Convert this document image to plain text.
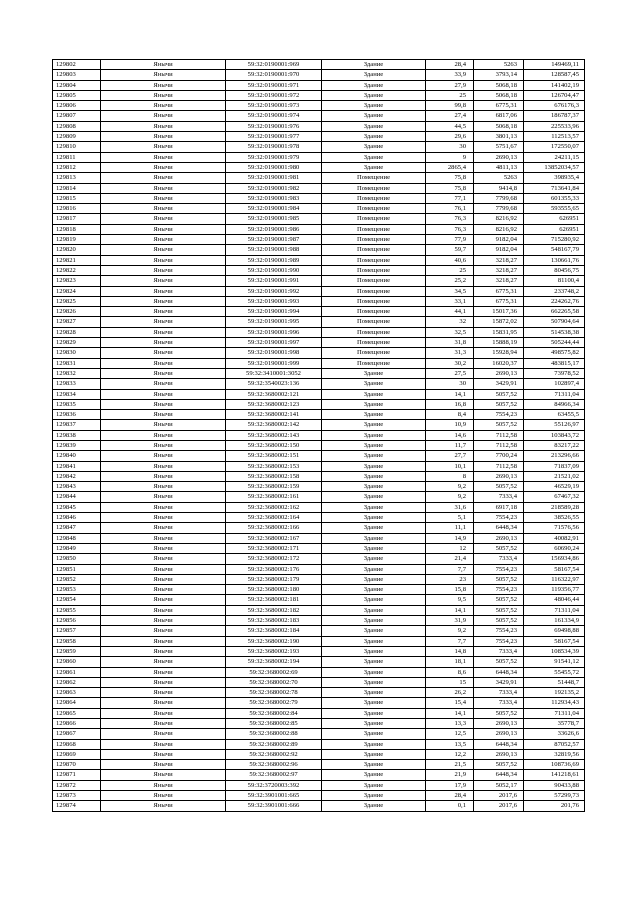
129802	Янычи	59:32:0190001:969	Здание	28,4	5263	149469,11
129803	Янычи	59:32:0190001:970	Здание	33,9	3793,14	128587,45
129804	Янычи	59:32:0190001:971	Здание	27,9	5068,18	141402,19
129805	Янычи	59:32:0190001:972	Здание	25	5068,18	126704,47
129806	Янычи	59:32:0190001:973	Здание	99,8	6775,31	676176,3
129807	Янычи	59:32:0190001:974	Здание	27,4	6817,06	186787,37
129808	Янычи	59:32:0190001:976	Здание	44,5	5068,18	225533,96
129809	Янычи	59:32:0190001:977	Здание	29,6	3801,13	112513,57
129810	Янычи	59:32:0190001:978	Здание	30	5751,67	172550,07
129811	Янычи	59:32:0190001:979	Здание	9	2690,13	24211,15
129812	Янычи	59:32:0190001:980	Здание	2865,4	4811,13	13852034,57
129813	Янычи	59:32:0190001:981	Помещение	75,8	5263	398935,4
129814	Янычи	59:32:0190001:982	Помещение	75,8	9414,8	713641,84
129815	Янычи	59:32:0190001:983	Помещение	77,1	7799,68	601355,33
129816	Янычи	59:32:0190001:984	Помещение	76,1	7799,68	593555,65
129817	Янычи	59:32:0190001:985	Помещение	76,3	8216,92	626951
129818	Янычи	59:32:0190001:986	Помещение	76,3	8216,92	626951
129819	Янычи	59:32:0190001:987	Помещение	77,9	9182,04	715280,92
129820	Янычи	59:32:0190001:988	Помещение	59,7	9182,04	548167,79
129821	Янычи	59:32:0190001:989	Помещение	40,6	3218,27	130661,76
129822	Янычи	59:32:0190001:990	Помещение	25	3218,27	80456,75
129823	Янычи	59:32:0190001:991	Помещение	25,2	3218,27	81100,4
129824	Янычи	59:32:0190001:992	Помещение	34,5	6775,31	233748,2
129825	Янычи	59:32:0190001:993	Помещение	33,1	6775,31	224262,76
129826	Янычи	59:32:0190001:994	Помещение	44,1	15017,36	662265,58
129827	Янычи	59:32:0190001:995	Помещение	32	15872,02	507904,64
129828	Янычи	59:32:0190001:996	Помещение	32,5	15831,95	514538,38
129829	Янычи	59:32:0190001:997	Помещение	31,8	15888,19	505244,44
129830	Янычи	59:32:0190001:998	Помещение	31,3	15928,94	498575,82
129831	Янычи	59:32:0190001:999	Помещение	30,2	16020,37	483815,17
129832	Янычи	59:32:3410001:3052	Здание	27,5	2690,13	73978,52
129833	Янычи	59:32:3540023:136	Здание	30	3429,91	102897,4
129834	Янычи	59:32:3680002:121	Здание	14,1	5057,52	71311,04
129835	Янычи	59:32:3680002:123	Здание	16,8	5057,52	84966,34
129836	Янычи	59:32:3680002:141	Здание	8,4	7554,23	63455,5
129837	Янычи	59:32:3680002:142	Здание	10,9	5057,52	55126,97
129838	Янычи	59:32:3680002:143	Здание	14,6	7112,58	103843,72
129839	Янычи	59:32:3680002:150	Здание	11,7	7112,58	83217,22
129840	Янычи	59:32:3680002:151	Здание	27,7	7700,24	213296,66
129841	Янычи	59:32:3680002:153	Здание	10,1	7112,58	71837,09
129842	Янычи	59:32:3680002:158	Здание	8	2690,13	21521,02
129843	Янычи	59:32:3680002:159	Здание	9,2	5057,52	46529,19
129844	Янычи	59:32:3680002:161	Здание	9,2	7333,4	67467,32
129845	Янычи	59:32:3680002:162	Здание	31,6	6917,18	218589,28
129846	Янычи	59:32:3680002:164	Здание	5,1	7554,23	38526,55
129847	Янычи	59:32:3680002:166	Здание	11,1	6448,34	71576,56
129848	Янычи	59:32:3680002:167	Здание	14,9	2690,13	40082,91
129849	Янычи	59:32:3680002:171	Здание	12	5057,52	60690,24
129850	Янычи	59:32:3680002:172	Здание	21,4	7333,4	156934,86
129851	Янычи	59:32:3680002:176	Здание	7,7	7554,23	58167,54
129852	Янычи	59:32:3680002:179	Здание	23	5057,52	116322,97
129853	Янычи	59:32:3680002:180	Здание	15,8	7554,23	119356,77
129854	Янычи	59:32:3680002:181	Здание	9,5	5057,52	48046,44
129855	Янычи	59:32:3680002:182	Здание	14,1	5057,52	71311,04
129856	Янычи	59:32:3680002:183	Здание	31,9	5057,52	161334,9
129857	Янычи	59:32:3680002:184	Здание	9,2	7554,23	69498,88
129858	Янычи	59:32:3680002:190	Здание	7,7	7554,23	58167,54
129859	Янычи	59:32:3680002:193	Здание	14,8	7333,4	108534,39
129860	Янычи	59:32:3680002:194	Здание	18,1	5057,52	91541,12
129861	Янычи	59:32:3680002:69	Здание	8,6	6448,34	55455,72
129862	Янычи	59:32:3680002:70	Здание	15	3429,91	51448,7
129863	Янычи	59:32:3680002:78	Здание	26,2	7333,4	192135,2
129864	Янычи	59:32:3680002:79	Здание	15,4	7333,4	112934,43
129865	Янычи	59:32:3680002:84	Здание	14,1	5057,52	71311,04
129866	Янычи	59:32:3680002:85	Здание	13,3	2690,13	35778,7
129867	Янычи	59:32:3680002:88	Здание	12,5	2690,13	33626,6
129868	Янычи	59:32:3680002:89	Здание	13,5	6448,34	87052,57
129869	Янычи	59:32:3680002:92	Здание	12,2	2690,13	32819,56
129870	Янычи	59:32:3680002:96	Здание	21,5	5057,52	108736,69
129871	Янычи	59:32:3680002:97	Здание	21,9	6448,34	141218,61
129872	Янычи	59:32:3720003:392	Здание	17,9	5052,17	90433,88
129873	Янычи	59:32:3901001:665	Здание	28,4	2017,6	57299,73
129874	Янычи	59:32:3901001:666	Здание	0,1	2017,6	201,76
